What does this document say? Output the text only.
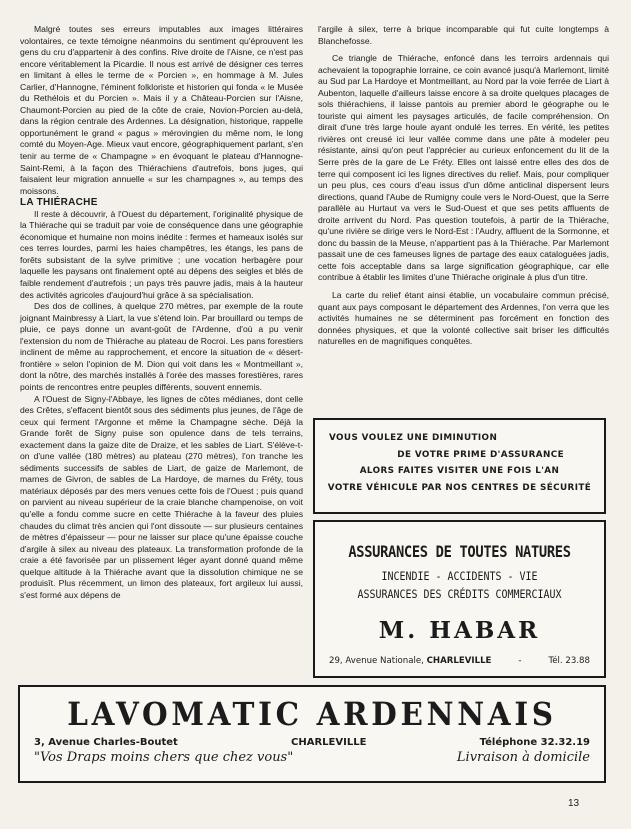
Malgré toutes ses erreurs imputables aux images littéraires volontaires, ce texte témoigne néanmoins du sentiment qu'éprouvent les gens du cru d'appartenir à des confins. Rive droite de l'Aisne, ce n'est pas encore véritablement la Picardie. Il nous est arrivé de désigner ces terres en limitant à elles le terme de « Porcien », en hommage à M. Jules Carlier, d'Hannogne, l'éminent folkloriste et historien qui fonda « le Musée du Rethélois et du Porcien ». Mais il y a Château-Porcien sur l'Aisne, Chaumont-Porcien au pied de la côte de craie, Novion-Porcien au-delà, dans la région centrale des Ardennes. La désignation, historique, rappelle opportunément le grand « pagus » mérovingien du même nom, le long comté du Moyen-Age. Mieux vaut encore, géographiquement parlant, s'en tenir au terme de « Champagne » en évoquant le plateau d'Hannogne-Saint-Remi, à la façon des Thiérachiens d'autrefois, bons juges, qui faisaient leur migration annuelle « sur les champagnes », au temps des moissons.

LA THIÉRACHE

Il reste à découvrir, à l'Ouest du département, l'originalité physique de la Thiérache qui se traduit par voie de conséquence dans une géographie économique et humaine non moins inédite : fermes et hameaux isolés sur ces terres lourdes, parmi les haies champêtres, les étangs, les pans de forêts subsistant de la sylve primitive ; une vocation herbagère pour laquelle les paysans ont finalement opté au dépens des seigles et blés de faible rendement d'autrefois ; un pays très pauvre jadis, mais à la hauteur des activités agricoles d'aujourd'hui grâce à sa spécialisation.

Des dos de collines, à quelque 270 mètres, par exemple de la route joignant Mainbressy à Liart, la vue s'étend loin. Par brouillard ou temps de pluie, ce pays donne un avant-goût de l'Ardenne, d'où a pu venir l'extension du nom de Thiérache au plateau de Rocroi. Les pans forestiers inclinent de même au rapprochement, et encore la situation de « désert-frontière » selon l'opinion de M. Dion qui voit dans les « Montmeillant », dont la nôtre, des marchés installés à l'orée des masses forestières, rares points de rencontres entre peuples différents, souvent ennemis.

A l'Ouest de Signy-l'Abbaye, les lignes de côtes médianes, dont celle des Crêtes, s'effacent bientôt sous des sédiments plus jeunes, de l'âge de ceux qui ferment l'Argonne et même la Champagne sèche. Déjà la Grande forêt de Signy puise son opulence dans de tels terrains, exactement dans la gaize dite de Draize, et les sables de Liart. S'élève-t-on d'une vallée (180 mètres) au plateau (270 mètres), l'on tranche les sédiments successifs de sables de Liart, de gaize de Marlemont, de marnes de Givron, de sables de La Hardoye, de marnes du Fréty, tous matériaux déposés par des mers venues cette fois de l'Ouest ; puis quand on parvient au niveau supérieur de la craie blanche champenoise, on voit qu'elle a fondu comme sucre en cette Thiérache à la faveur des pluies chaudes du climat très ancien qui l'ont dissoute — sur plusieurs centaines de mètres d'épaisseur — pour ne laisser sur place qu'une épaisse couche d'argile à silex au niveau des plateaux. La transformation profonde de la craie a été favorisée par un plissement léger ayant donné quand même quelque altitude à la Thiérache avant que la dissolution chimique ne se produisît. Plus récemment, un limon des plateaux, fort argileux lui aussi, s'est formé aux dépens de

l'argile à silex, terre à brique incomparable qui fut cuite longtemps à Blanchefosse.

Ce triangle de Thiérache, enfoncé dans les terroirs ardennais qui achevaient la topographie lorraine, ce coin avancé jusqu'à Marlemont, limité au Sud par La Hardoye et Montmeillant, au Nord par la voie ferrée de Liart à Aubenton, laquelle d'ailleurs laisse encore à sa droite quelques placages de sols thiérachiens, il laisse pantois au premier abord le géographe ou le touriste qui aiment les paysages articulés, de facile compréhension. On dirait d'une très large houle ayant ondulé les terres. En vérité, les petites rivières ont creusé ici leur vallée comme dans une pâte à modeler peu résistante, ainsi qu'on peut l'apprécier au curieux enfoncement du lit de la Serre près de la gare de Le Fréty. Elles ont laissé entre elles des dos de terre qui composent ici les lignes directives du relief. Mais, pour compliquer un peu plus, ces cours d'eau issus d'un dôme anticlinal dispersent leurs directions, quand l'Aube de Rumigny coule vers le Nord-Ouest, que la Serre parallèle au Hurtaut va vers le Sud-Ouest et que ses petits affluents de droite arrivent du Nord. Pas question toutefois, à partir de la Thiérache, qu'une rivière se dirige vers le Nord-Est : l'Audry, affluent de la Sormonne, et donc du bassin de la Meuse, n'appartient pas à la Thiérache. Par Marlemont passait une de ces fameuses lignes de partage des eaux cataloguées jadis, cette fois acceptable dans sa large signification géographique, car elle contribue à établir les limites d'une Thiérache originale à plus d'un titre.

La carte du relief étant ainsi établie, un vocabulaire commun précisé, quant aux pays composant le département des Ardennes, l'on verra que les activités humaines ne se déterminent pas forcément en fonction des données physiques, et que la volonté collective sait briser les difficultés naturelles en de magnifiques conquêtes.

VOUS VOULEZ UNE DIMINUTION
DE VOTRE PRIME D'ASSURANCE
ALORS FAITES VISITER UNE FOIS L'AN
VOTRE VÉHICULE PAR NOS CENTRES DE SÉCURITÉ
ASSURANCES DE TOUTES NATURES
INCENDIE - ACCIDENTS - VIE
ASSURANCES DES CRÉDITS COMMERCIAUX
M. HABAR
29, Avenue Nationale, CHARLEVILLE	-	Tél. 23.88
LAVOMATIC ARDENNAIS
3, Avenue Charles-Boutet	CHARLEVILLE	Téléphone 32.32.19
"Vos Draps moins chers que chez vous"	Livraison à domicile
13
